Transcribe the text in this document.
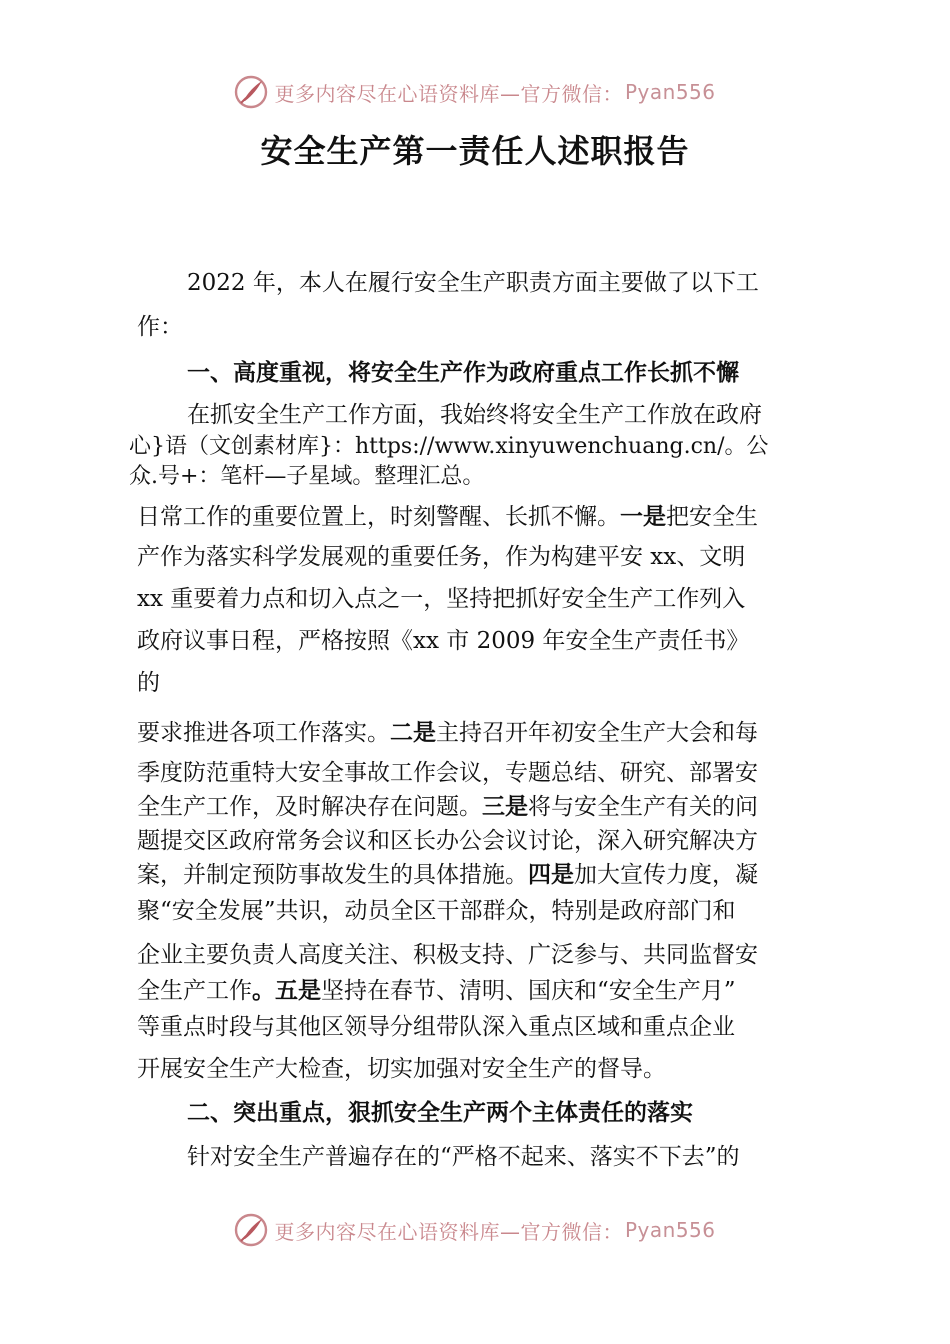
更多内容尽在心语资料库—官方微信： Pyan556
安全生产第一责任人述职报告
2022 年，本人在履行安全生产职责方面主要做了以下工
作：
一、高度重视，将安全生产作为政府重点工作长抓不懈
在抓安全生产工作方面，我始终将安全生产工作放在政府
心}语（文创素材库}：https://www.xinyuwenchuang.cn/。公
众.号+：笔杆—子星域。整理汇总。
日常工作的重要位置上，时刻警醒、长抓不懈。一是把安全生
产作为落实科学发展观的重要任务，作为构建平安 xx、文明
xx 重要着力点和切入点之一，坚持把抓好安全生产工作列入
政府议事日程，严格按照《xx 市 2009 年安全生产责任书》
的
要求推进各项工作落实。二是主持召开年初安全生产大会和每
季度防范重特大安全事故工作会议，专题总结、研究、部署安
全生产工作，及时解决存在问题。三是将与安全生产有关的问
题提交区政府常务会议和区长办公会议讨论，深入研究解决方
案，并制定预防事故发生的具体措施。四是加大宣传力度，凝
聚“安全发展”共识，动员全区干部群众，特别是政府部门和
企业主要负责人高度关注、积极支持、广泛参与、共同监督安
全生产工作。五是坚持在春节、清明、国庆和“安全生产月”
等重点时段与其他区领导分组带队深入重点区域和重点企业
开展安全生产大检查，切实加强对安全生产的督导。
二、突出重点，狠抓安全生产两个主体责任的落实
针对安全生产普遍存在的“严格不起来、落实不下去”的
更多内容尽在心语资料库—官方微信： Pyan556
